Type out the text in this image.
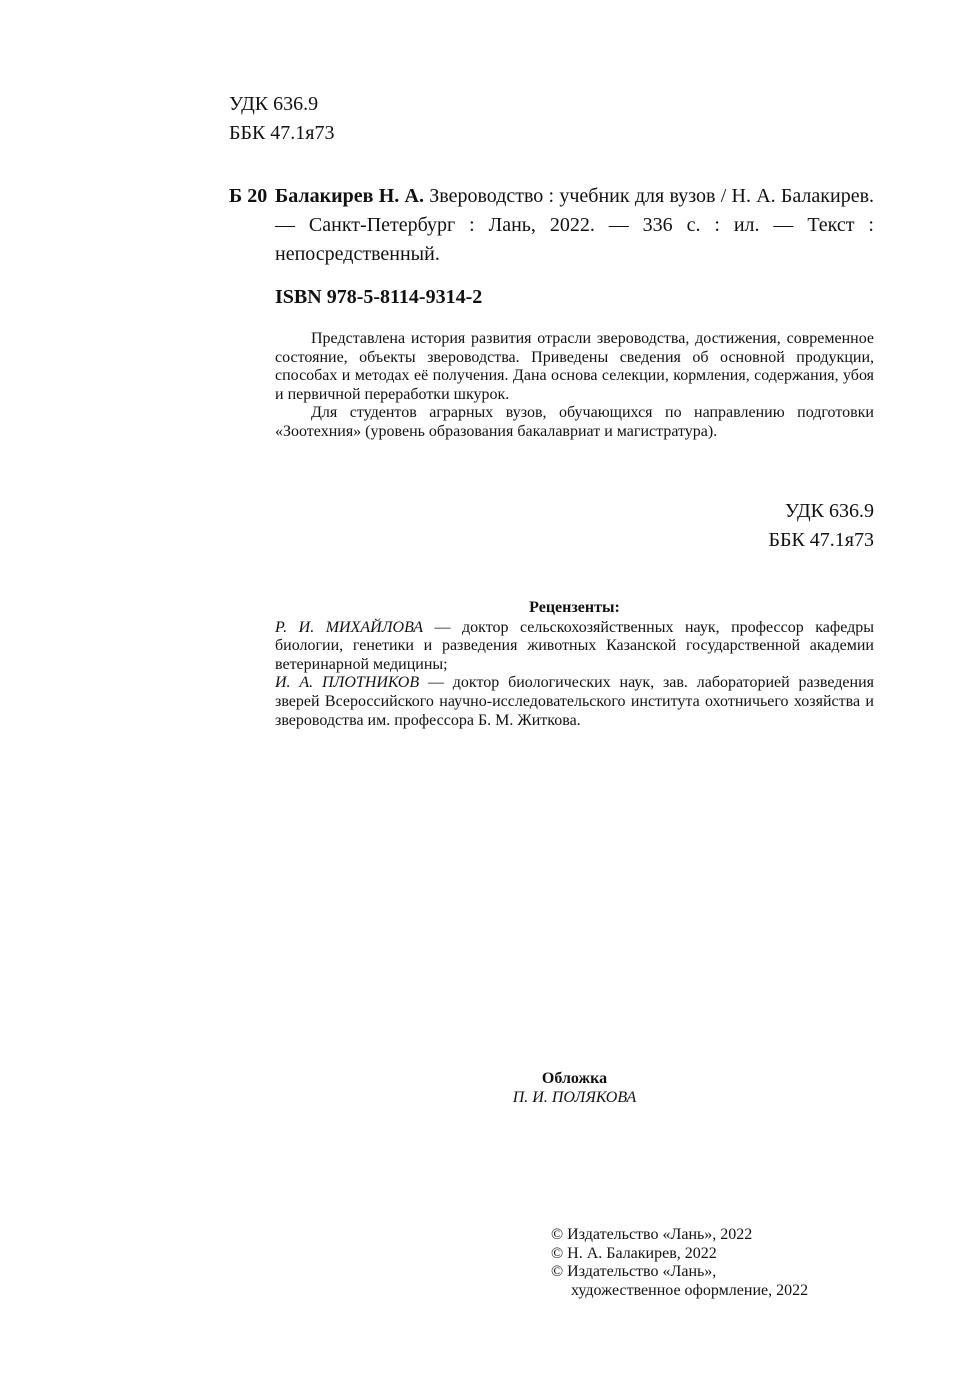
УДК 636.9
ББК 47.1я73
Б 20 Балакирев Н. А. Звероводство : учебник для вузов / Н. А. Балакирев. — Санкт-Петербург : Лань, 2022. — 336 с. : ил. — Текст : непосредственный.
ISBN 978-5-8114-9314-2

Представлена история развития отрасли звероводства, достижения, современное состояние, объекты звероводства. Приведены сведения об основной продукции, способах и методах её получения. Дана основа селекции, кормления, содержания, убоя и первичной переработки шкурок.

Для студентов аграрных вузов, обучающихся по направлению подготовки «Зоотехния» (уровень образования бакалавриат и магистратура).

УДК 636.9
ББК 47.1я73
Рецензенты:

Р. И. МИХАЙЛОВА — доктор сельскохозяйственных наук, профессор кафедры биологии, генетики и разведения животных Казанской государственной академии ветеринарной медицины;

И. А. ПЛОТНИКОВ — доктор биологических наук, зав. лабораторией разведения зверей Всероссийского научно-исследовательского института охотничьего хозяйства и звероводства им. профессора Б. М. Житкова.

Обложка
П. И. ПОЛЯКОВА
© Издательство «Лань», 2022
© Н. А. Балакирев, 2022
© Издательство «Лань»,
художественное оформление, 2022
